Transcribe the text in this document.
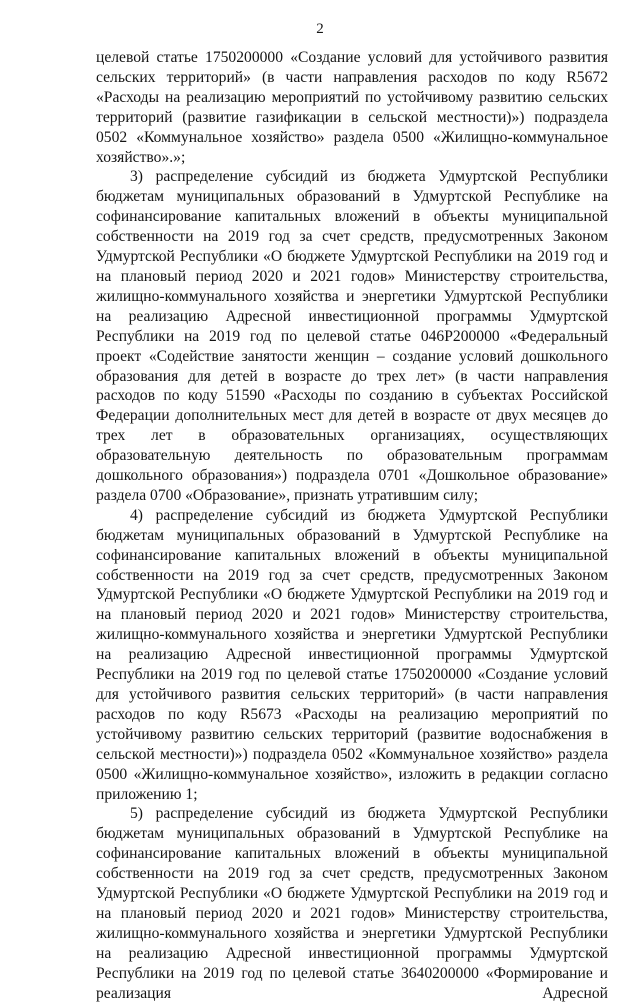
2

целевой статье 1750200000 «Создание условий для устойчивого развития сельских территорий» (в части направления расходов по коду R5672 «Расходы на реализацию мероприятий по устойчивому развитию сельских территорий (развитие газификации в сельской местности)») подраздела 0502 «Коммунальное хозяйство» раздела 0500 «Жилищно-коммунальное хозяйство».»;

3) распределение субсидий из бюджета Удмуртской Республики бюджетам муниципальных образований в Удмуртской Республике на софинансирование капитальных вложений в объекты муниципальной собственности на 2019 год за счет средств, предусмотренных Законом Удмуртской Республики «О бюджете Удмуртской Республики на 2019 год и на плановый период 2020 и 2021 годов» Министерству строительства, жилищно-коммунального хозяйства и энергетики Удмуртской Республики на реализацию Адресной инвестиционной программы Удмуртской Республики на 2019 год по целевой статье 046P200000 «Федеральный проект «Содействие занятости женщин – создание условий дошкольного образования для детей в возрасте до трех лет» (в части направления расходов по коду 51590 «Расходы по созданию в субъектах Российской Федерации дополнительных мест для детей в возрасте от двух месяцев до трех лет в образовательных организациях, осуществляющих образовательную деятельность по образовательным программам дошкольного образования») подраздела 0701 «Дошкольное образование» раздела 0700 «Образование», признать утратившим силу;

4) распределение субсидий из бюджета Удмуртской Республики бюджетам муниципальных образований в Удмуртской Республике на софинансирование капитальных вложений в объекты муниципальной собственности на 2019 год за счет средств, предусмотренных Законом Удмуртской Республики «О бюджете Удмуртской Республики на 2019 год и на плановый период 2020 и 2021 годов» Министерству строительства, жилищно-коммунального хозяйства и энергетики Удмуртской Республики на реализацию Адресной инвестиционной программы Удмуртской Республики на 2019 год по целевой статье 1750200000 «Создание условий для устойчивого развития сельских территорий» (в части направления расходов по коду R5673 «Расходы на реализацию мероприятий по устойчивому развитию сельских территорий (развитие водоснабжения в сельской местности)») подраздела 0502 «Коммунальное хозяйство» раздела 0500 «Жилищно-коммунальное хозяйство», изложить в редакции согласно приложению 1;

5) распределение субсидий из бюджета Удмуртской Республики бюджетам муниципальных образований в Удмуртской Республике на софинансирование капитальных вложений в объекты муниципальной собственности на 2019 год за счет средств, предусмотренных Законом Удмуртской Республики «О бюджете Удмуртской Республики на 2019 год и на плановый период 2020 и 2021 годов» Министерству строительства, жилищно-коммунального хозяйства и энергетики Удмуртской Республики на реализацию Адресной инвестиционной программы Удмуртской Республики на 2019 год по целевой статье 3640200000 «Формирование и реализация Адресной
